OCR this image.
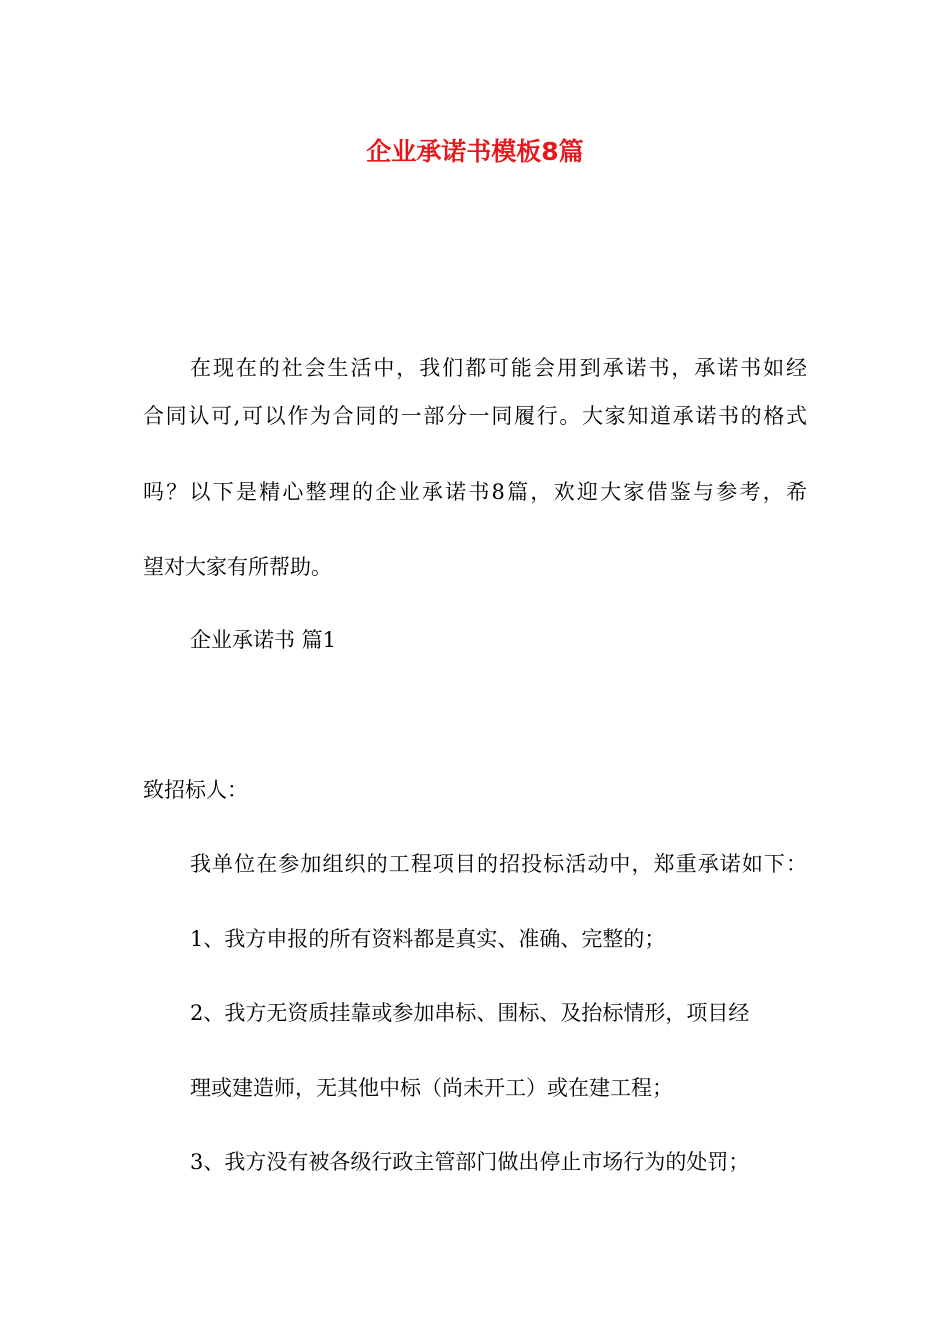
企业承诺书模板8篇
在现在的社会生活中，我们都可能会用到承诺书，承诺书如经
合同认可,可以作为合同的一部分一同履行。大家知道承诺书的格式
吗？以下是精心整理的企业承诺书8篇，欢迎大家借鉴与参考，希
望对大家有所帮助。
企业承诺书 篇1
致招标人：
我单位在参加组织的工程项目的招投标活动中，郑重承诺如下：
1、我方申报的所有资料都是真实、准确、完整的；
2、我方无资质挂靠或参加串标、围标、及抬标情形，项目经
理或建造师，无其他中标（尚未开工）或在建工程；
3、我方没有被各级行政主管部门做出停止市场行为的处罚；
